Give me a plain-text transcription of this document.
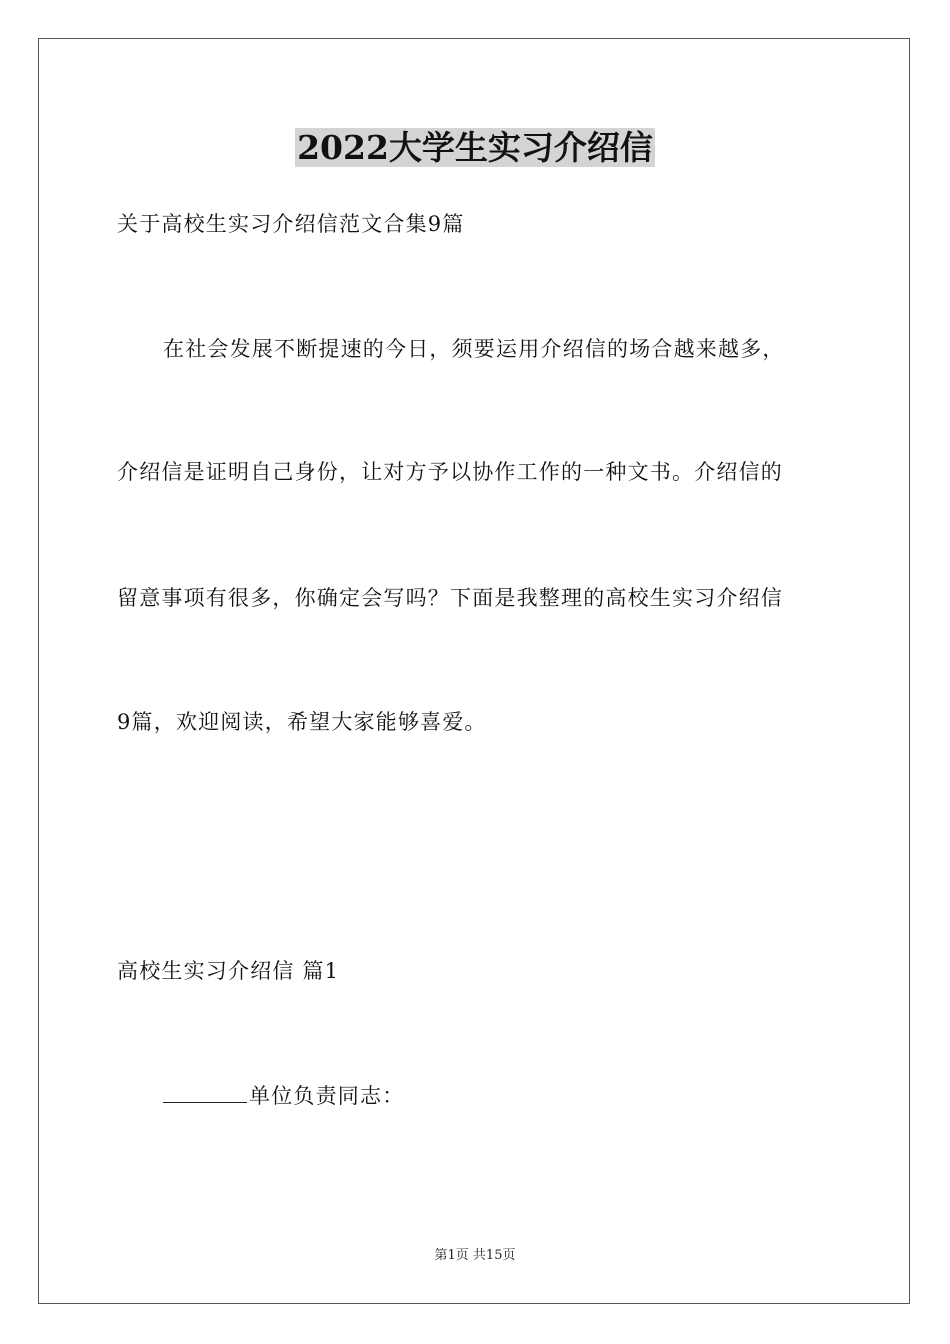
2022大学生实习介绍信
关于高校生实习介绍信范文合集9篇
在社会发展不断提速的今日，须要运用介绍信的场合越来越多，
介绍信是证明自己身份，让对方予以协作工作的一种文书。介绍信的
留意事项有很多，你确定会写吗？下面是我整理的高校生实习介绍信
9篇，欢迎阅读，希望大家能够喜爱。
高校生实习介绍信 篇1
单位负责同志：
第1页 共15页
